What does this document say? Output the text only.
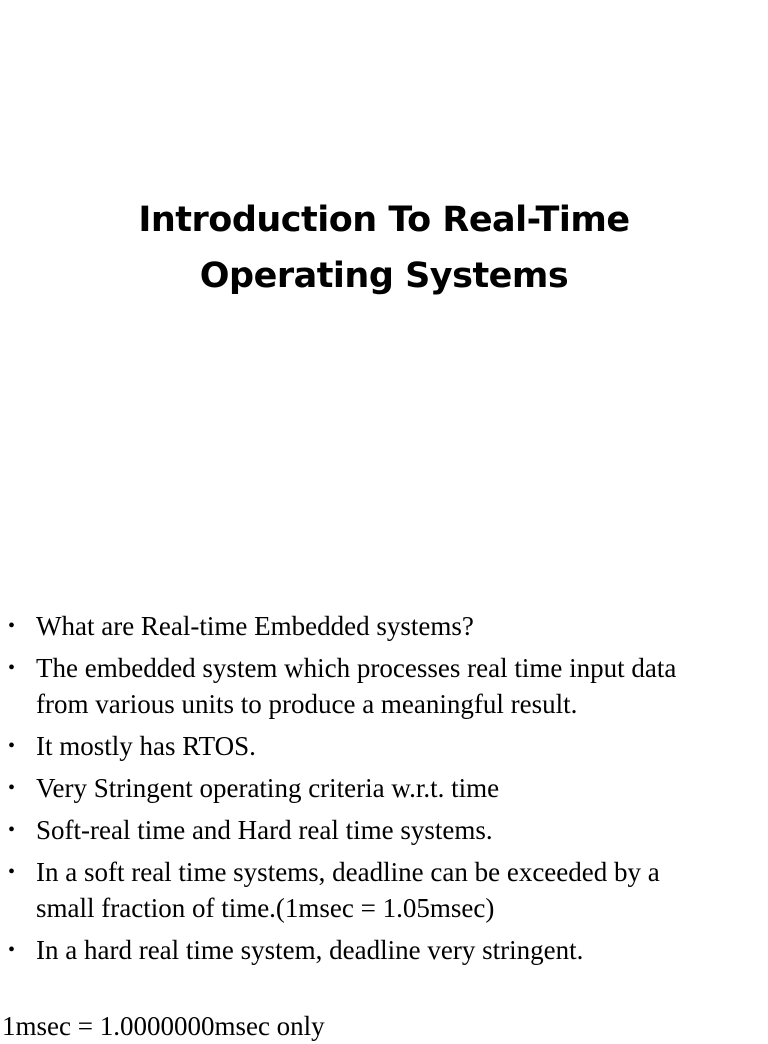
Introduction To Real-Time
Operating Systems
• What are Real-time Embedded systems?
• The embedded system which processes real time input data from various units to produce a meaningful result.
• It mostly has RTOS.
• Very Stringent operating criteria w.r.t. time
• Soft-real time and Hard real time systems.
• In a soft real time systems, deadline can be exceeded by a small fraction of time.(1msec = 1.05msec)
• In a hard real time system, deadline very stringent.
1msec = 1.0000000msec only
